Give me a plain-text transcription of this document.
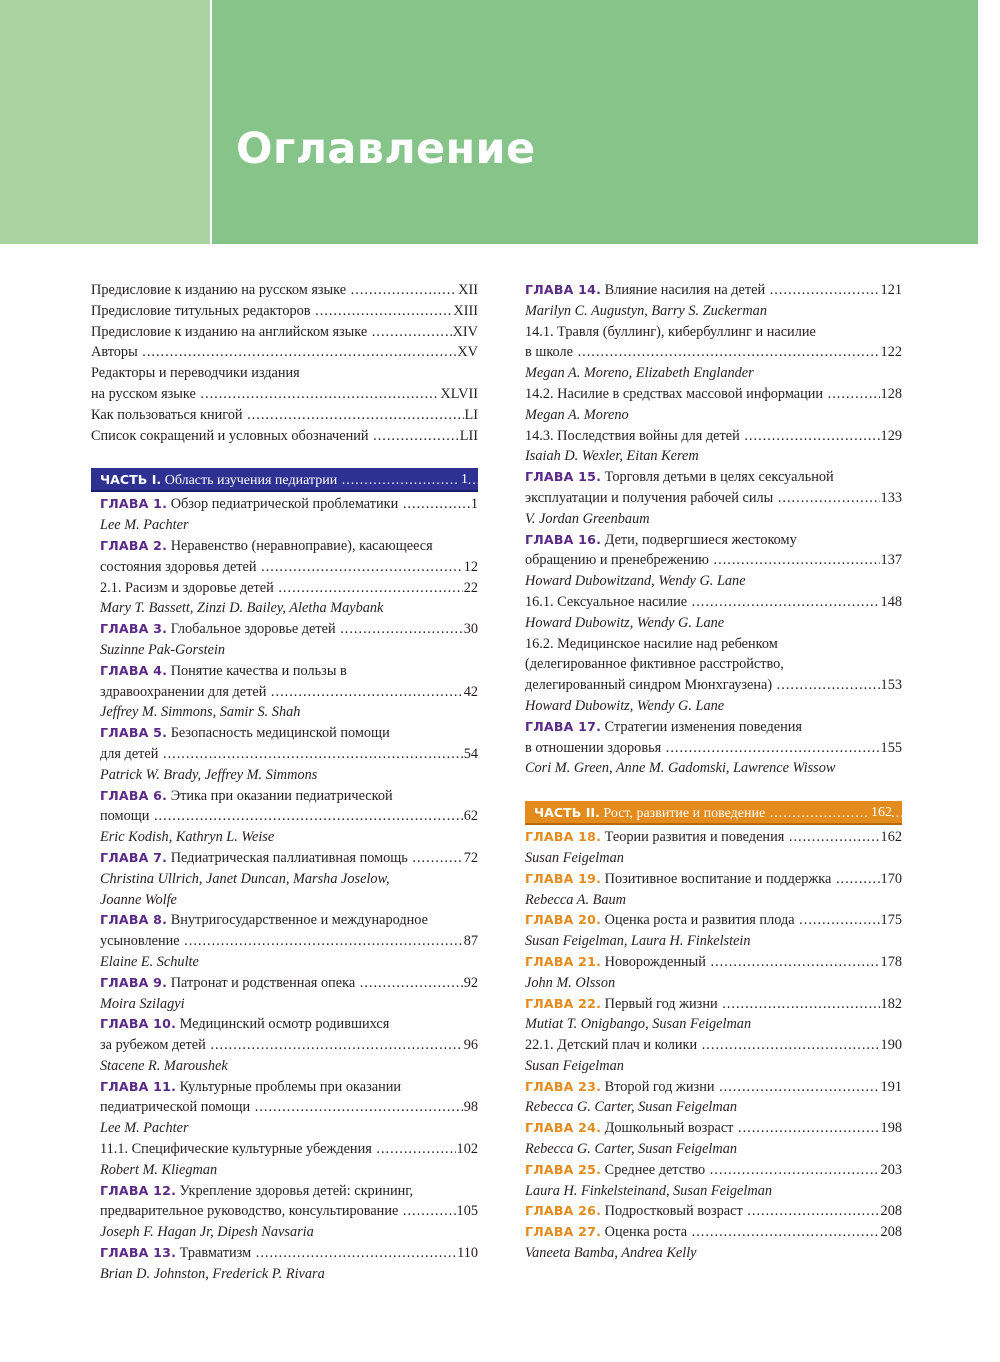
Оглавление
Предисловие к изданию на русском языке .....	XII
Предисловие титульных редакторов .....	XIII
Предисловие к изданию на английском языке .....	XIV
Авторы .....	XV
Редакторы и переводчики издания
на русском языке .....	XLVII
Как пользоваться книгой .....	LI
Список сокращений и условных обозначений .....	LII
ЧАСТЬ I. Область изучения педиатрии .....	1
ГЛАВА 1. Обзор педиатрической проблематики .....	1
Lee M. Pachter
ГЛАВА 2. Неравенство (неравноправие), касающееся
состояния здоровья детей .....	12
2.1. Расизм и здоровье детей .....	22
Mary T. Bassett, Zinzi D. Bailey, Aletha Maybank
ГЛАВА 3. Глобальное здоровье детей .....	30
Suzinne Pak-Gorstein
ГЛАВА 4. Понятие качества и пользы в
здравоохранении для детей .....	42
Jeffrey M. Simmons, Samir S. Shah
ГЛАВА 5. Безопасность медицинской помощи
для детей .....	54
Patrick W. Brady, Jeffrey M. Simmons
ГЛАВА 6. Этика при оказании педиатрической
помощи .....	62
Eric Kodish, Kathryn L. Weise
ГЛАВА 7. Педиатрическая паллиативная помощь .....	72
Christina Ullrich, Janet Duncan, Marsha Joselow,
Joanne Wolfe
ГЛАВА 8. Внутригосударственное и международное
усыновление .....	87
Elaine E. Schulte
ГЛАВА 9. Патронат и родственная опека .....	92
Moira Szilagyi
ГЛАВА 10. Медицинский осмотр родившихся
за рубежом детей .....	96
Stacene R. Maroushek
ГЛАВА 11. Культурные проблемы при оказании
педиатрической помощи .....	98
Lee M. Pachter
11.1. Специфические культурные убеждения .....	102
Robert M. Kliegman
ГЛАВА 12. Укрепление здоровья детей: скрининг,
предварительное руководство, консультирование .....	105
Joseph F. Hagan Jr, Dipesh Navsaria
ГЛАВА 13. Травматизм .....	110
Brian D. Johnston, Frederick P. Rivara
ГЛАВА 14. Влияние насилия на детей .....	121
Marilyn C. Augustyn, Barry S. Zuckerman
14.1. Травля (буллинг), кибербуллинг и насилие
в школе .....	122
Megan A. Moreno, Elizabeth Englander
14.2. Насилие в средствах массовой информации .....	128
Megan A. Moreno
14.3. Последствия войны для детей .....	129
Isaiah D. Wexler, Eitan Kerem
ГЛАВА 15. Торговля детьми в целях сексуальной
эксплуатации и получения рабочей силы .....	133
V. Jordan Greenbaum
ГЛАВА 16. Дети, подвергшиеся жестокому
обращению и пренебрежению .....	137
Howard Dubowitzand, Wendy G. Lane
16.1. Сексуальное насилие .....	148
Howard Dubowitz, Wendy G. Lane
16.2. Медицинское насилие над ребенком
(делегированное фиктивное расстройство,
делегированный синдром Мюнхгаузена) .....	153
Howard Dubowitz, Wendy G. Lane
ГЛАВА 17. Стратегии изменения поведения
в отношении здоровья .....	155
Cori M. Green, Anne M. Gadomski, Lawrence Wissow
ЧАСТЬ II. Рост, развитие и поведение .....	162
ГЛАВА 18. Теории развития и поведения .....	162
Susan Feigelman
ГЛАВА 19. Позитивное воспитание и поддержка .....	170
Rebecca A. Baum
ГЛАВА 20. Оценка роста и развития плода .....	175
Susan Feigelman, Laura H. Finkelstein
ГЛАВА 21. Новорожденный .....	178
John M. Olsson
ГЛАВА 22. Первый год жизни .....	182
Mutiat T. Onigbango, Susan Feigelman
22.1. Детский плач и колики .....	190
Susan Feigelman
ГЛАВА 23. Второй год жизни .....	191
Rebecca G. Carter, Susan Feigelman
ГЛАВА 24. Дошкольный возраст .....	198
Rebecca G. Carter, Susan Feigelman
ГЛАВА 25. Среднее детство .....	203
Laura H. Finkelsteinand, Susan Feigelman
ГЛАВА 26. Подростковый возраст .....	208
ГЛАВА 27. Оценка роста .....	208
Vaneeta Bamba, Andrea Kelly
